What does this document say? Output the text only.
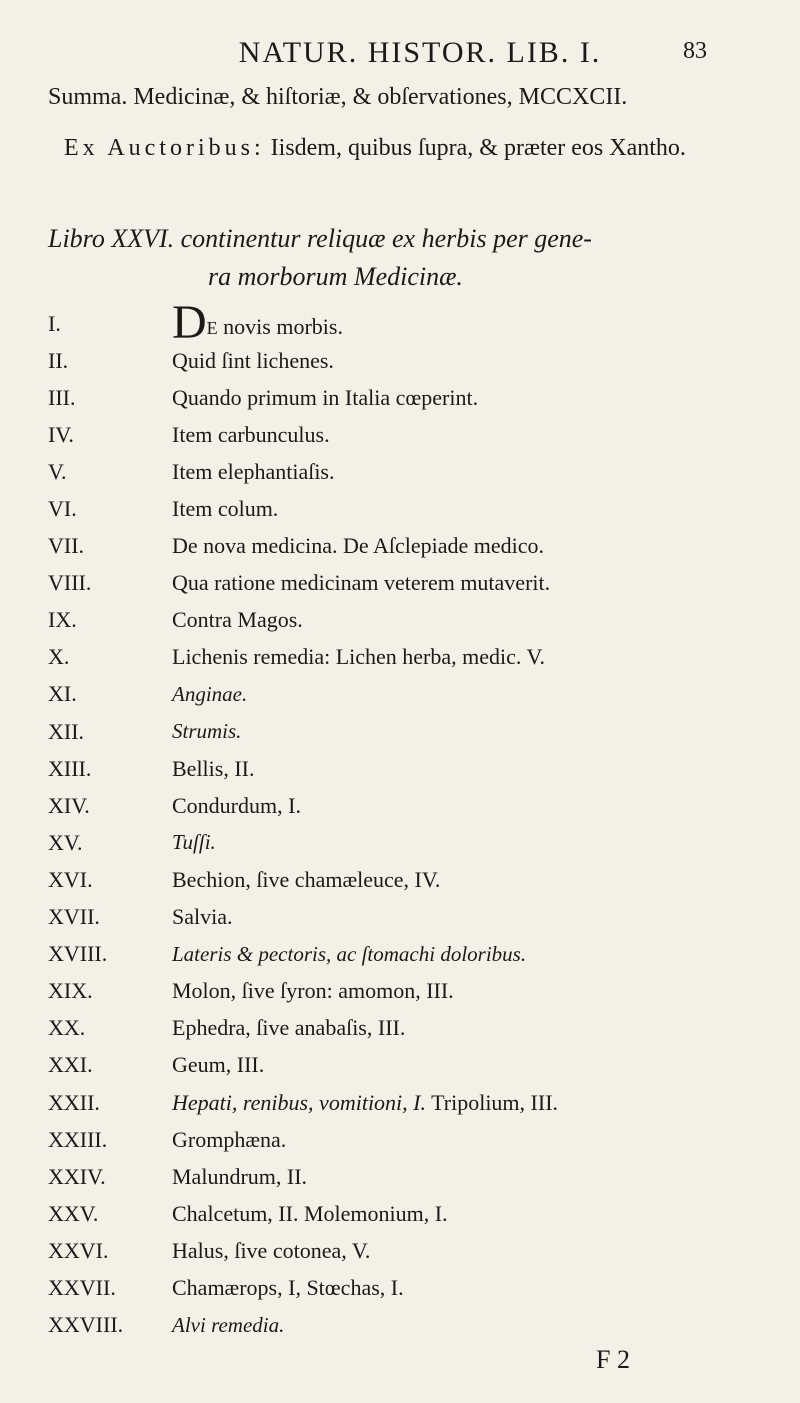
NATUR. HISTOR. LIB. I.	83
Summa. Medicinæ, & hiſtoriæ, & obſervationes, MCCXCII.
Ex Auctoribus: Iisdem, quibus ſupra, & præter eos Xantho.
Libro XXVI. continentur reliquæ ex herbis per gene-
ra morborum Medicinæ.
I.	DE novis morbis.
II.	Quid ſint lichenes.
III.	Quando primum in Italia cœperint.
IV.	Item carbunculus.
V.	Item elephantiaſis.
VI.	Item colum.
VII.	De nova medicina. De Aſclepiade medico.
VIII.	Qua ratione medicinam veterem mutaverit.
IX.	Contra Magos.
X.	Lichenis remedia: Lichen herba, medic. V.
XI.	Anginae.
XII.	Strumis.
XIII.	Bellis, II.
XIV.	Condurdum, I.
XV.	Tuſſi.
XVI.	Bechion, ſive chamæleuce, IV.
XVII.	Salvia.
XVIII.	Lateris & pectoris, ac ſtomachi doloribus.
XIX.	Molon, ſive ſyron: amomon, III.
XX.	Ephedra, ſive anabaſis, III.
XXI.	Geum, III.
XXII.	Hepati, renibus, vomitioni, I. Tripolium, III.
XXIII.	Gromphæna.
XXIV.	Malundrum, II.
XXV.	Chalcetum, II. Molemonium, I.
XXVI.	Halus, ſive cotonea, V.
XXVII.	Chamærops, I, Stœchas, I.
XXVIII.	Alvi remedia.
F 2
